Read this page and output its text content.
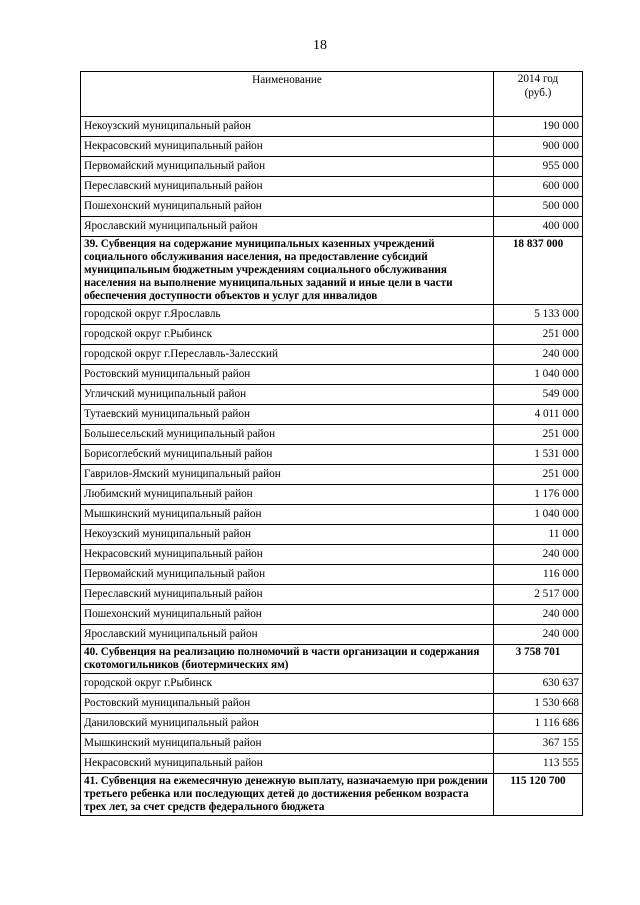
18
Наименование	2014 год
(руб.)
Некоузский муниципальный район	190 000
Некрасовский муниципальный район	900 000
Первомайский муниципальный район	955 000
Переславский муниципальный район	600 000
Пошехонский муниципальный район	500 000
Ярославский муниципальный район	400 000
39. Субвенция на содержание муниципальных казенных учреждений социального обслуживания населения, на предоставление субсидий муниципальным бюджетным учреждениям социального обслуживания населения на выполнение муниципальных заданий и иные цели в части обеспечения доступности объектов и услуг для инвалидов	18 837 000
городской округ г.Ярославль	5 133 000
городской округ г.Рыбинск	251 000
городской округ г.Переславль-Залесский	240 000
Ростовский муниципальный район	1 040 000
Угличский муниципальный район	549 000
Тутаевский муниципальный район	4 011 000
Большесельский муниципальный район	251 000
Борисоглебский муниципальный район	1 531 000
Гаврилов-Ямский муниципальный район	251 000
Любимский муниципальный район	1 176 000
Мышкинский муниципальный район	1 040 000
Некоузский муниципальный район	11 000
Некрасовский муниципальный район	240 000
Первомайский муниципальный район	116 000
Переславский муниципальный район	2 517 000
Пошехонский муниципальный район	240 000
Ярославский муниципальный район	240 000
40. Субвенция на реализацию полномочий в части организации и содержания скотомогильников (биотермических ям)	3 758 701
городской округ г.Рыбинск	630 637
Ростовский муниципальный район	1 530 668
Даниловский муниципальный район	1 116 686
Мышкинский муниципальный район	367 155
Некрасовский муниципальный район	113 555
41. Субвенция на ежемесячную денежную выплату, назначаемую при рождении третьего ребенка или последующих детей до достижения ребенком возраста трех лет, за счет средств федерального бюджета	115 120 700
